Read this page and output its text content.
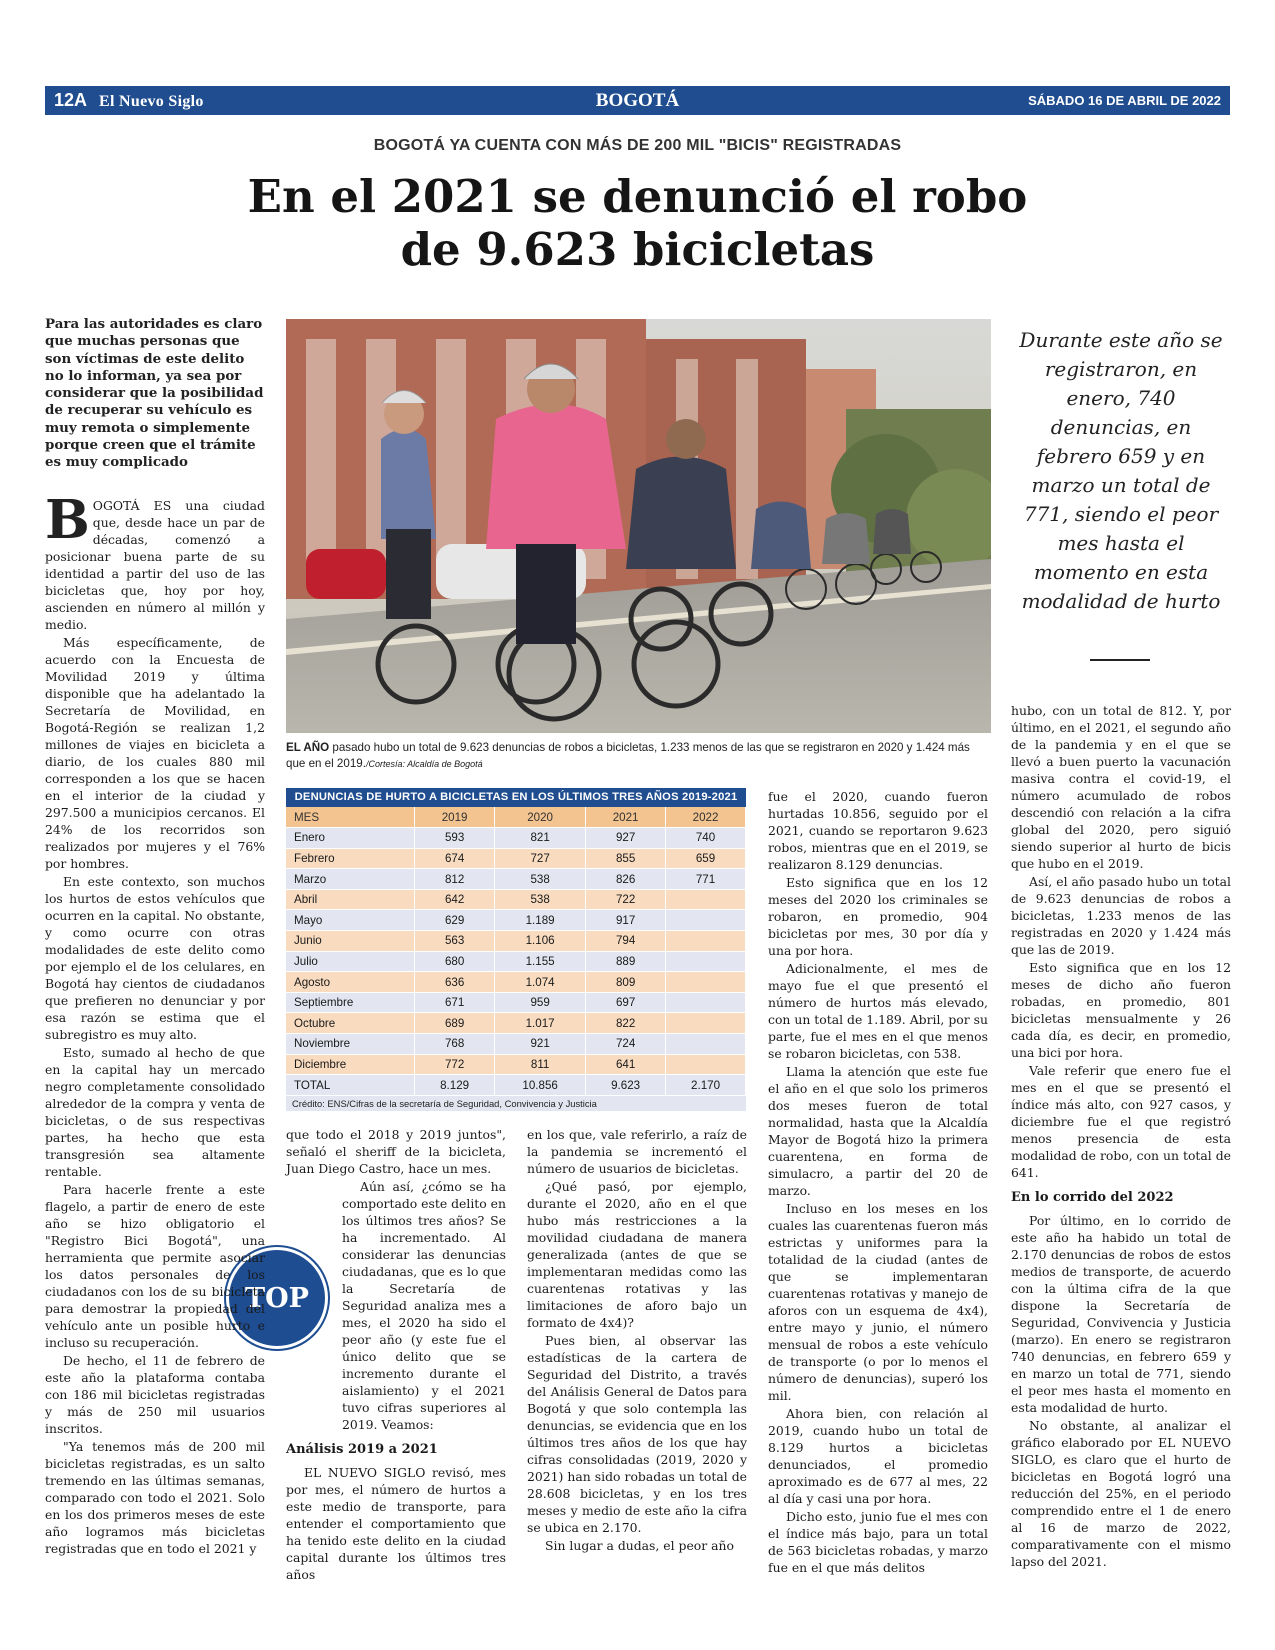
12A El Nuevo Siglo	BOGOTÁ	SÁBADO 16 DE ABRIL DE 2022
BOGOTÁ YA CUENTA CON MÁS DE 200 MIL "BICIS" REGISTRADAS
En el 2021 se denunció el robo
de 9.623 bicicletas
Para las autoridades es claro que muchas personas que son víctimas de este delito no lo informan, ya sea por considerar que la posibilidad de recuperar su vehículo es muy remota o simplemente porque creen que el trámite es muy complicado
EL AÑO pasado hubo un total de 9.623 denuncias de robos a bicicletas, 1.233 menos de las que se registraron en 2020 y 1.424 más que en el 2019./Cortesía: Alcaldía de Bogotá
Durante este año se registraron, en enero, 740 denuncias, en febrero 659 y en marzo un total de 771, siendo el peor mes hasta el momento en esta modalidad de hurto
DENUNCIAS DE HURTO A BICICLETAS EN LOS ÚLTIMOS TRES AÑOS 2019-2021
MES	2019	2020	2021	2022
Enero	593	821	927	740
Febrero	674	727	855	659
Marzo	812	538	826	771
Abril	642	538	722	
Mayo	629	1.189	917	
Junio	563	1.106	794	
Julio	680	1.155	889	
Agosto	636	1.074	809	
Septiembre	671	959	697	
Octubre	689	1.017	822	
Noviembre	768	921	724	
Diciembre	772	811	641	
TOTAL	8.129	10.856	9.623	2.170
Crédito: ENS/Cifras de la secretaría de Seguridad, Convivencia y Justicia
TOP

BOGOTÁ ES una ciudad que, desde hace un par de décadas, comenzó a posicionar buena parte de su identidad a partir del uso de las bicicletas que, hoy por hoy, ascienden en número al millón y medio.

Más específicamente, de acuerdo con la Encuesta de Movilidad 2019 y última disponible que ha adelantado la Secretaría de Movilidad, en Bogotá-Región se realizan 1,2 millones de viajes en bicicleta a diario, de los cuales 880 mil corresponden a los que se hacen en el interior de la ciudad y 297.500 a municipios cercanos. El 24% de los recorridos son realizados por mujeres y el 76% por hombres.

En este contexto, son muchos los hurtos de estos vehículos que ocurren en la capital. No obstante, y como ocurre con otras modalidades de este delito como por ejemplo el de los celulares, en Bogotá hay cientos de ciudadanos que prefieren no denunciar y por esa razón se estima que el subregistro es muy alto.

Esto, sumado al hecho de que en la capital hay un mercado negro completamente consolidado alrededor de la compra y venta de bicicletas, o de sus respectivas partes, ha hecho que esta transgresión sea altamente rentable.

Para hacerle frente a este flagelo, a partir de enero de este año se hizo obligatorio el "Registro Bici Bogotá", una herramienta que permite asociar los datos personales de los ciudadanos con los de su bicicleta para demostrar la propiedad del vehículo ante un posible hurto e incluso su recuperación.

De hecho, el 11 de febrero de este año la plataforma contaba con 186 mil bicicletas registradas y más de 250 mil usuarios inscritos.

"Ya tenemos más de 200 mil bicicletas registradas, es un salto tremendo en las últimas semanas, comparado con todo el 2021. Solo en los dos primeros meses de este año logramos más bicicletas registradas que en todo el 2021 y

que todo el 2018 y 2019 juntos", señaló el sheriff de la bicicleta, Juan Diego Castro, hace un mes.

Aún así, ¿cómo se ha comportado este delito en los últimos tres años? Se ha incrementado. Al considerar las denuncias ciudadanas, que es lo que la Secretaría de Seguridad analiza mes a mes, el 2020 ha sido el peor año (y este fue el único delito que se incremento durante el aislamiento) y el 2021 tuvo cifras superiores al 2019. Veamos:

Análisis 2019 a 2021

EL NUEVO SIGLO revisó, mes por mes, el número de hurtos a este medio de transporte, para entender el comportamiento que ha tenido este delito en la ciudad capital durante los últimos tres años

en los que, vale referirlo, a raíz de la pandemia se incrementó el número de usuarios de bicicletas.

¿Qué pasó, por ejemplo, durante el 2020, año en el que hubo más restricciones a la movilidad ciudadana de manera generalizada (antes de que se implementaran medidas como las cuarentenas rotativas y las limitaciones de aforo bajo un formato de 4x4)?

Pues bien, al observar las estadísticas de la cartera de Seguridad del Distrito, a través del Análisis General de Datos para Bogotá y que solo contempla las denuncias, se evidencia que en los últimos tres años de los que hay cifras consolidadas (2019, 2020 y 2021) han sido robadas un total de 28.608 bicicletas, y en los tres meses y medio de este año la cifra se ubica en 2.170.

Sin lugar a dudas, el peor año

fue el 2020, cuando fueron hurtadas 10.856, seguido por el 2021, cuando se reportaron 9.623 robos, mientras que en el 2019, se realizaron 8.129 denuncias.

Esto significa que en los 12 meses del 2020 los criminales se robaron, en promedio, 904 bicicletas por mes, 30 por día y una por hora.

Adicionalmente, el mes de mayo fue el que presentó el número de hurtos más elevado, con un total de 1.189. Abril, por su parte, fue el mes en el que menos se robaron bicicletas, con 538.

Llama la atención que este fue el año en el que solo los primeros dos meses fueron de total normalidad, hasta que la Alcaldía Mayor de Bogotá hizo la primera cuarentena, en forma de simulacro, a partir del 20 de marzo.

Incluso en los meses en los cuales las cuarentenas fueron más estrictas y uniformes para la totalidad de la ciudad (antes de que se implementaran cuarentenas rotativas y manejo de aforos con un esquema de 4x4), entre mayo y junio, el número mensual de robos a este vehículo de transporte (o por lo menos el número de denuncias), superó los mil.

Ahora bien, con relación al 2019, cuando hubo un total de 8.129 hurtos a bicicletas denunciados, el promedio aproximado es de 677 al mes, 22 al día y casi una por hora.

Dicho esto, junio fue el mes con el índice más bajo, para un total de 563 bicicletas robadas, y marzo fue en el que más delitos

hubo, con un total de 812. Y, por último, en el 2021, el segundo año de la pandemia y en el que se llevó a buen puerto la vacunación masiva contra el covid-19, el número acumulado de robos descendió con relación a la cifra global del 2020, pero siguió siendo superior al hurto de bicis que hubo en el 2019.

Así, el año pasado hubo un total de 9.623 denuncias de robos a bicicletas, 1.233 menos de las registradas en 2020 y 1.424 más que las de 2019.

Esto significa que en los 12 meses de dicho año fueron robadas, en promedio, 801 bicicletas mensualmente y 26 cada día, es decir, en promedio, una bici por hora.

Vale referir que enero fue el mes en el que se presentó el índice más alto, con 927 casos, y diciembre fue el que registró menos presencia de esta modalidad de robo, con un total de 641.

En lo corrido del 2022

Por último, en lo corrido de este año ha habido un total de 2.170 denuncias de robos de estos medios de transporte, de acuerdo con la última cifra de la que dispone la Secretaría de Seguridad, Convivencia y Justicia (marzo). En enero se registraron 740 denuncias, en febrero 659 y en marzo un total de 771, siendo el peor mes hasta el momento en esta modalidad de hurto.

No obstante, al analizar el gráfico elaborado por EL NUEVO SIGLO, es claro que el hurto de bicicletas en Bogotá logró una reducción del 25%, en el periodo comprendido entre el 1 de enero al 16 de marzo de 2022, comparativamente con el mismo lapso del 2021.
